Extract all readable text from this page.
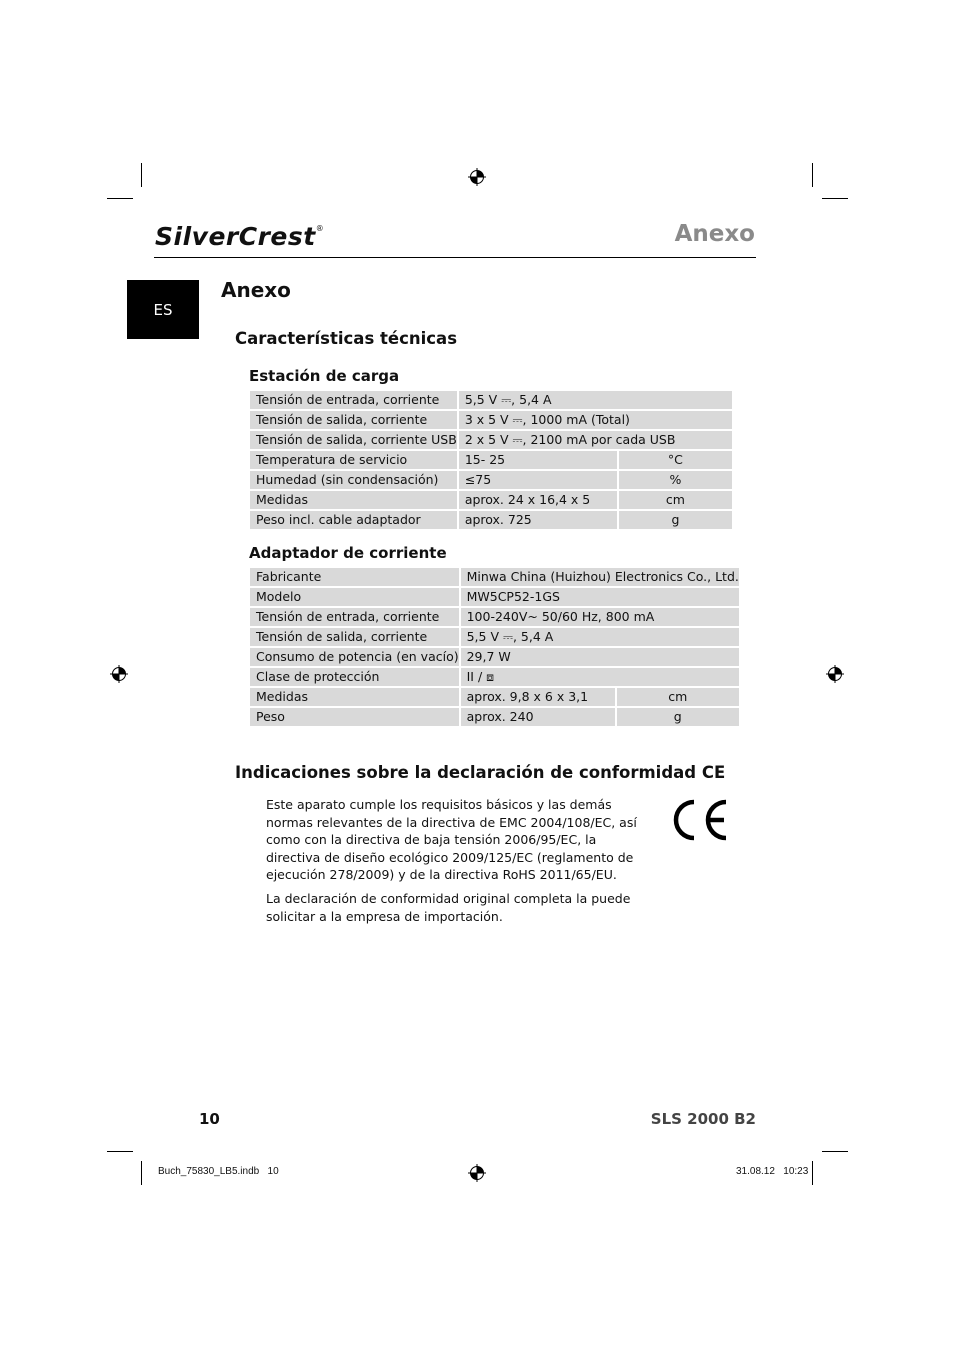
SilverCrest®	Anexo
ES
Anexo
Características técnicas
Estación de carga
Tensión de entrada, corriente	5,5 V ⎓, 5,4 A	
Tensión de salida, corriente	3 x 5 V ⎓, 1000 mA (Total)	
Tensión de salida, corriente USB	2 x 5 V ⎓, 2100 mA por cada USB	
Temperatura de servicio	15- 25	°C
Humedad (sin condensación)	≤75	%
Medidas	aprox. 24 x 16,4 x 5	cm
Peso incl. cable adaptador	aprox. 725	g
Adaptador de corriente
Fabricante	Minwa China (Huizhou) Electronics Co., Ltd.	
Modelo	MW5CP52-1GS	
Tensión de entrada, corriente	100-240V~ 50/60 Hz, 800 mA	
Tensión de salida, corriente	5,5 V ⎓, 5,4 A	
Consumo de potencia (en vacío)	29,7 W	
Clase de protección	II / ⧈	
Medidas	aprox. 9,8 x 6 x 3,1	cm
Peso	aprox. 240	g
Indicaciones sobre la declaración de conformidad CE
Este aparato cumple los requisitos básicos y las demás normas relevantes de la directiva de EMC 2004/108/EC, así como con la directiva de baja tensión 2006/95/EC, la directiva de diseño ecológico 2009/125/EC (reglamento de ejecución 278/2009) y de la directiva RoHS 2011/65/EU.
La declaración de conformidad original completa la puede solicitar a la empresa de importación.
10	SLS 2000 B2
Buch_75830_LB5.indb   10	31.08.12   10:23
